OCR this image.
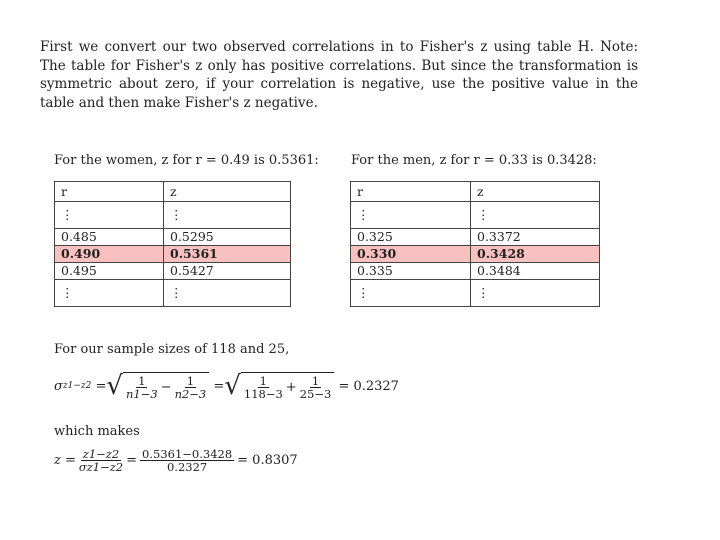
First we convert our two observed correlations in to Fisher's z using table H. Note: The table for Fisher's z only has positive correlations. But since the transformation is symmetric about zero, if your correlation is negative, use the positive value in the table and then make Fisher's z negative.
For the women, z for r = 0.49 is 0.5361:
r	z
⋮	⋮
0.485	0.5295
0.490	0.5361
0.495	0.5427
⋮	⋮
For the men, z for r = 0.33 is 0.3428:
r	z
⋮	⋮
0.325	0.3372
0.330	0.3428
0.335	0.3484
⋮	⋮
For our sample sizes of 118 and 25,
σ z1−z2
= √ $\frac{1}{n1-3} - \frac{1}{n2-3}$
= √ $\frac{1}{118-3} + \frac{1}{25-3}$
= 0.2327
which makes
$z = \frac{z1-z2}{\sigma z1-z2} = \frac{0.5361-0.3428}{0.2327} = 0.8307$
